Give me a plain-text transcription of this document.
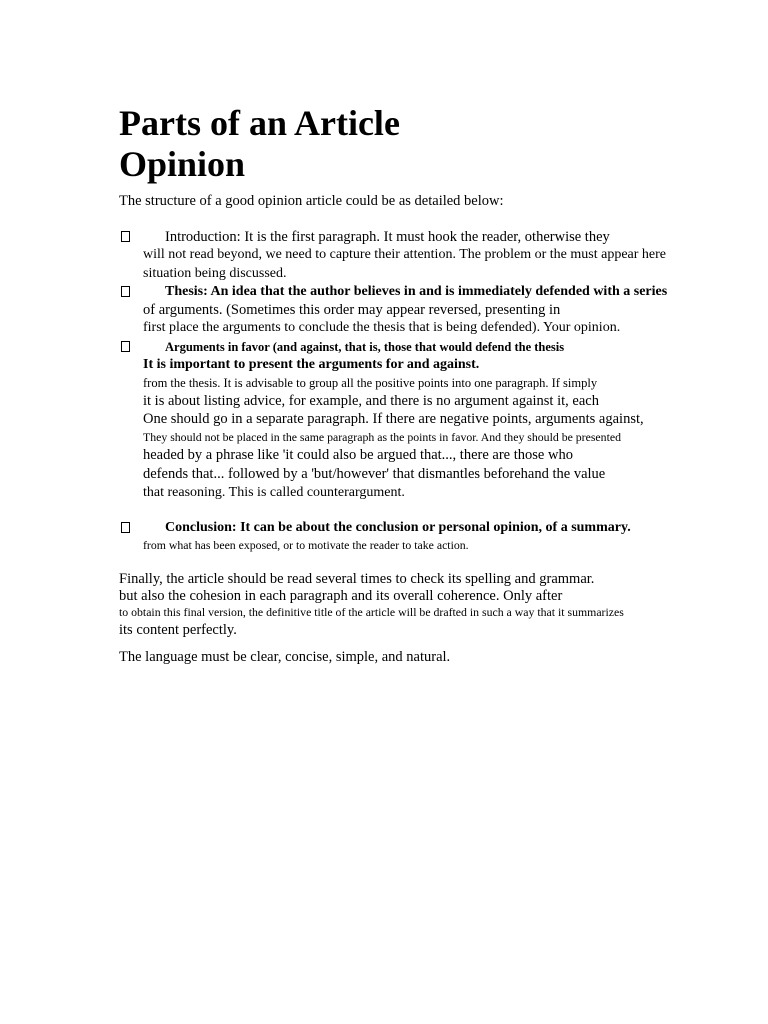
Parts of an Article
Opinion
The structure of a good opinion article could be as detailed below:
Introduction: It is the first paragraph. It must hook the reader, otherwise they
will not read beyond, we need to capture their attention. The problem or the must appear here
situation being discussed.
Thesis: An idea that the author believes in and is immediately defended with a series
of arguments. (Sometimes this order may appear reversed, presenting in
first place the arguments to conclude the thesis that is being defended). Your opinion.
Arguments in favor (and against, that is, those that would defend the thesis
It is important to present the arguments for and against.
from the thesis. It is advisable to group all the positive points into one paragraph. If simply
it is about listing advice, for example, and there is no argument against it, each
One should go in a separate paragraph. If there are negative points, arguments against,
They should not be placed in the same paragraph as the points in favor. And they should be presented
headed by a phrase like 'it could also be argued that..., there are those who
defends that... followed by a 'but/however' that dismantles beforehand the value
that reasoning. This is called counterargument.
Conclusion: It can be about the conclusion or personal opinion, of a summary.
from what has been exposed, or to motivate the reader to take action.
Finally, the article should be read several times to check its spelling and grammar.
but also the cohesion in each paragraph and its overall coherence. Only after
to obtain this final version, the definitive title of the article will be drafted in such a way that it summarizes
its content perfectly.
The language must be clear, concise, simple, and natural.
